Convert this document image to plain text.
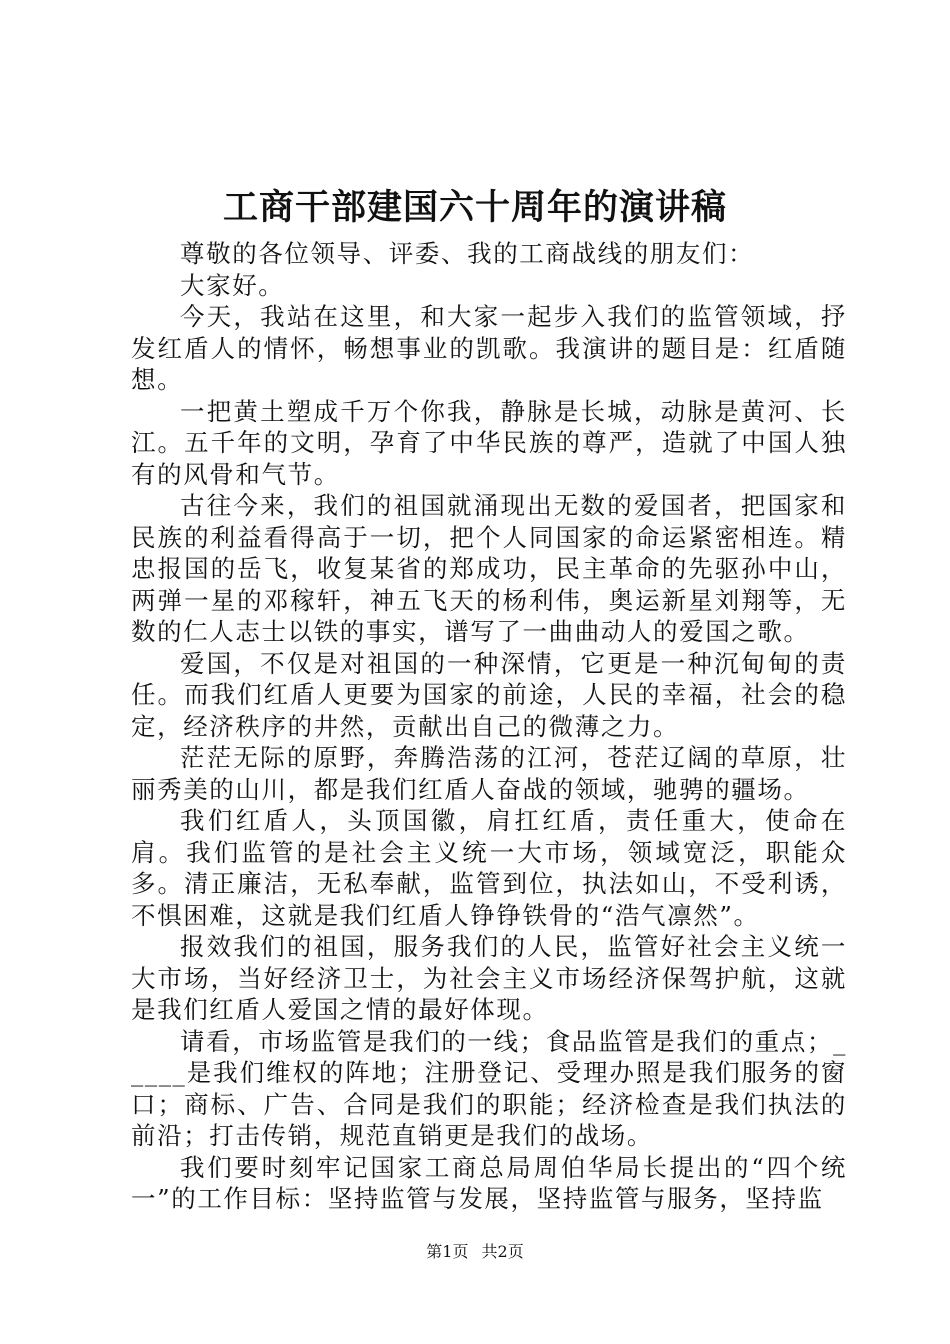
工商干部建国六十周年的演讲稿

尊敬的各位领导、评委、我的工商战线的朋友们：

大家好。

今天，我站在这里，和大家一起步入我们的监管领域，抒发红盾人的情怀，畅想事业的凯歌。我演讲的题目是：红盾随想。

一把黄土塑成千万个你我，静脉是长城，动脉是黄河、长江。五千年的文明，孕育了中华民族的尊严，造就了中国人独有的风骨和气节。

古往今来，我们的祖国就涌现出无数的爱国者，把国家和民族的利益看得高于一切，把个人同国家的命运紧密相连。精忠报国的岳飞，收复某省的郑成功，民主革命的先驱孙中山，两弹一星的邓稼轩，神五飞天的杨利伟，奥运新星刘翔等，无数的仁人志士以铁的事实，谱写了一曲曲动人的爱国之歌。

爱国，不仅是对祖国的一种深情，它更是一种沉甸甸的责任。而我们红盾人更要为国家的前途，人民的幸福，社会的稳定，经济秩序的井然，贡献出自己的微薄之力。

茫茫无际的原野，奔腾浩荡的江河，苍茫辽阔的草原，壮丽秀美的山川，都是我们红盾人奋战的领域，驰骋的疆场。

我们红盾人，头顶国徽，肩扛红盾，责任重大，使命在肩。我们监管的是社会主义统一大市场，领域宽泛，职能众多。清正廉洁，无私奉献，监管到位，执法如山，不受利诱，不惧困难，这就是我们红盾人铮铮铁骨的“浩气凛然”。

报效我们的祖国，服务我们的人民，监管好社会主义统一大市场，当好经济卫士，为社会主义市场经济保驾护航，这就是我们红盾人爱国之情的最好体现。

请看，市场监管是我们的一线；食品监管是我们的重点；_____是我们维权的阵地；注册登记、受理办照是我们服务的窗口；商标、广告、合同是我们的职能；经济检查是我们执法的前沿；打击传销，规范直销更是我们的战场。

我们要时刻牢记国家工商总局周伯华局长提出的“四个统一”的工作目标：坚持监管与发展，坚持监管与服务，坚持监

第1页 共2页
